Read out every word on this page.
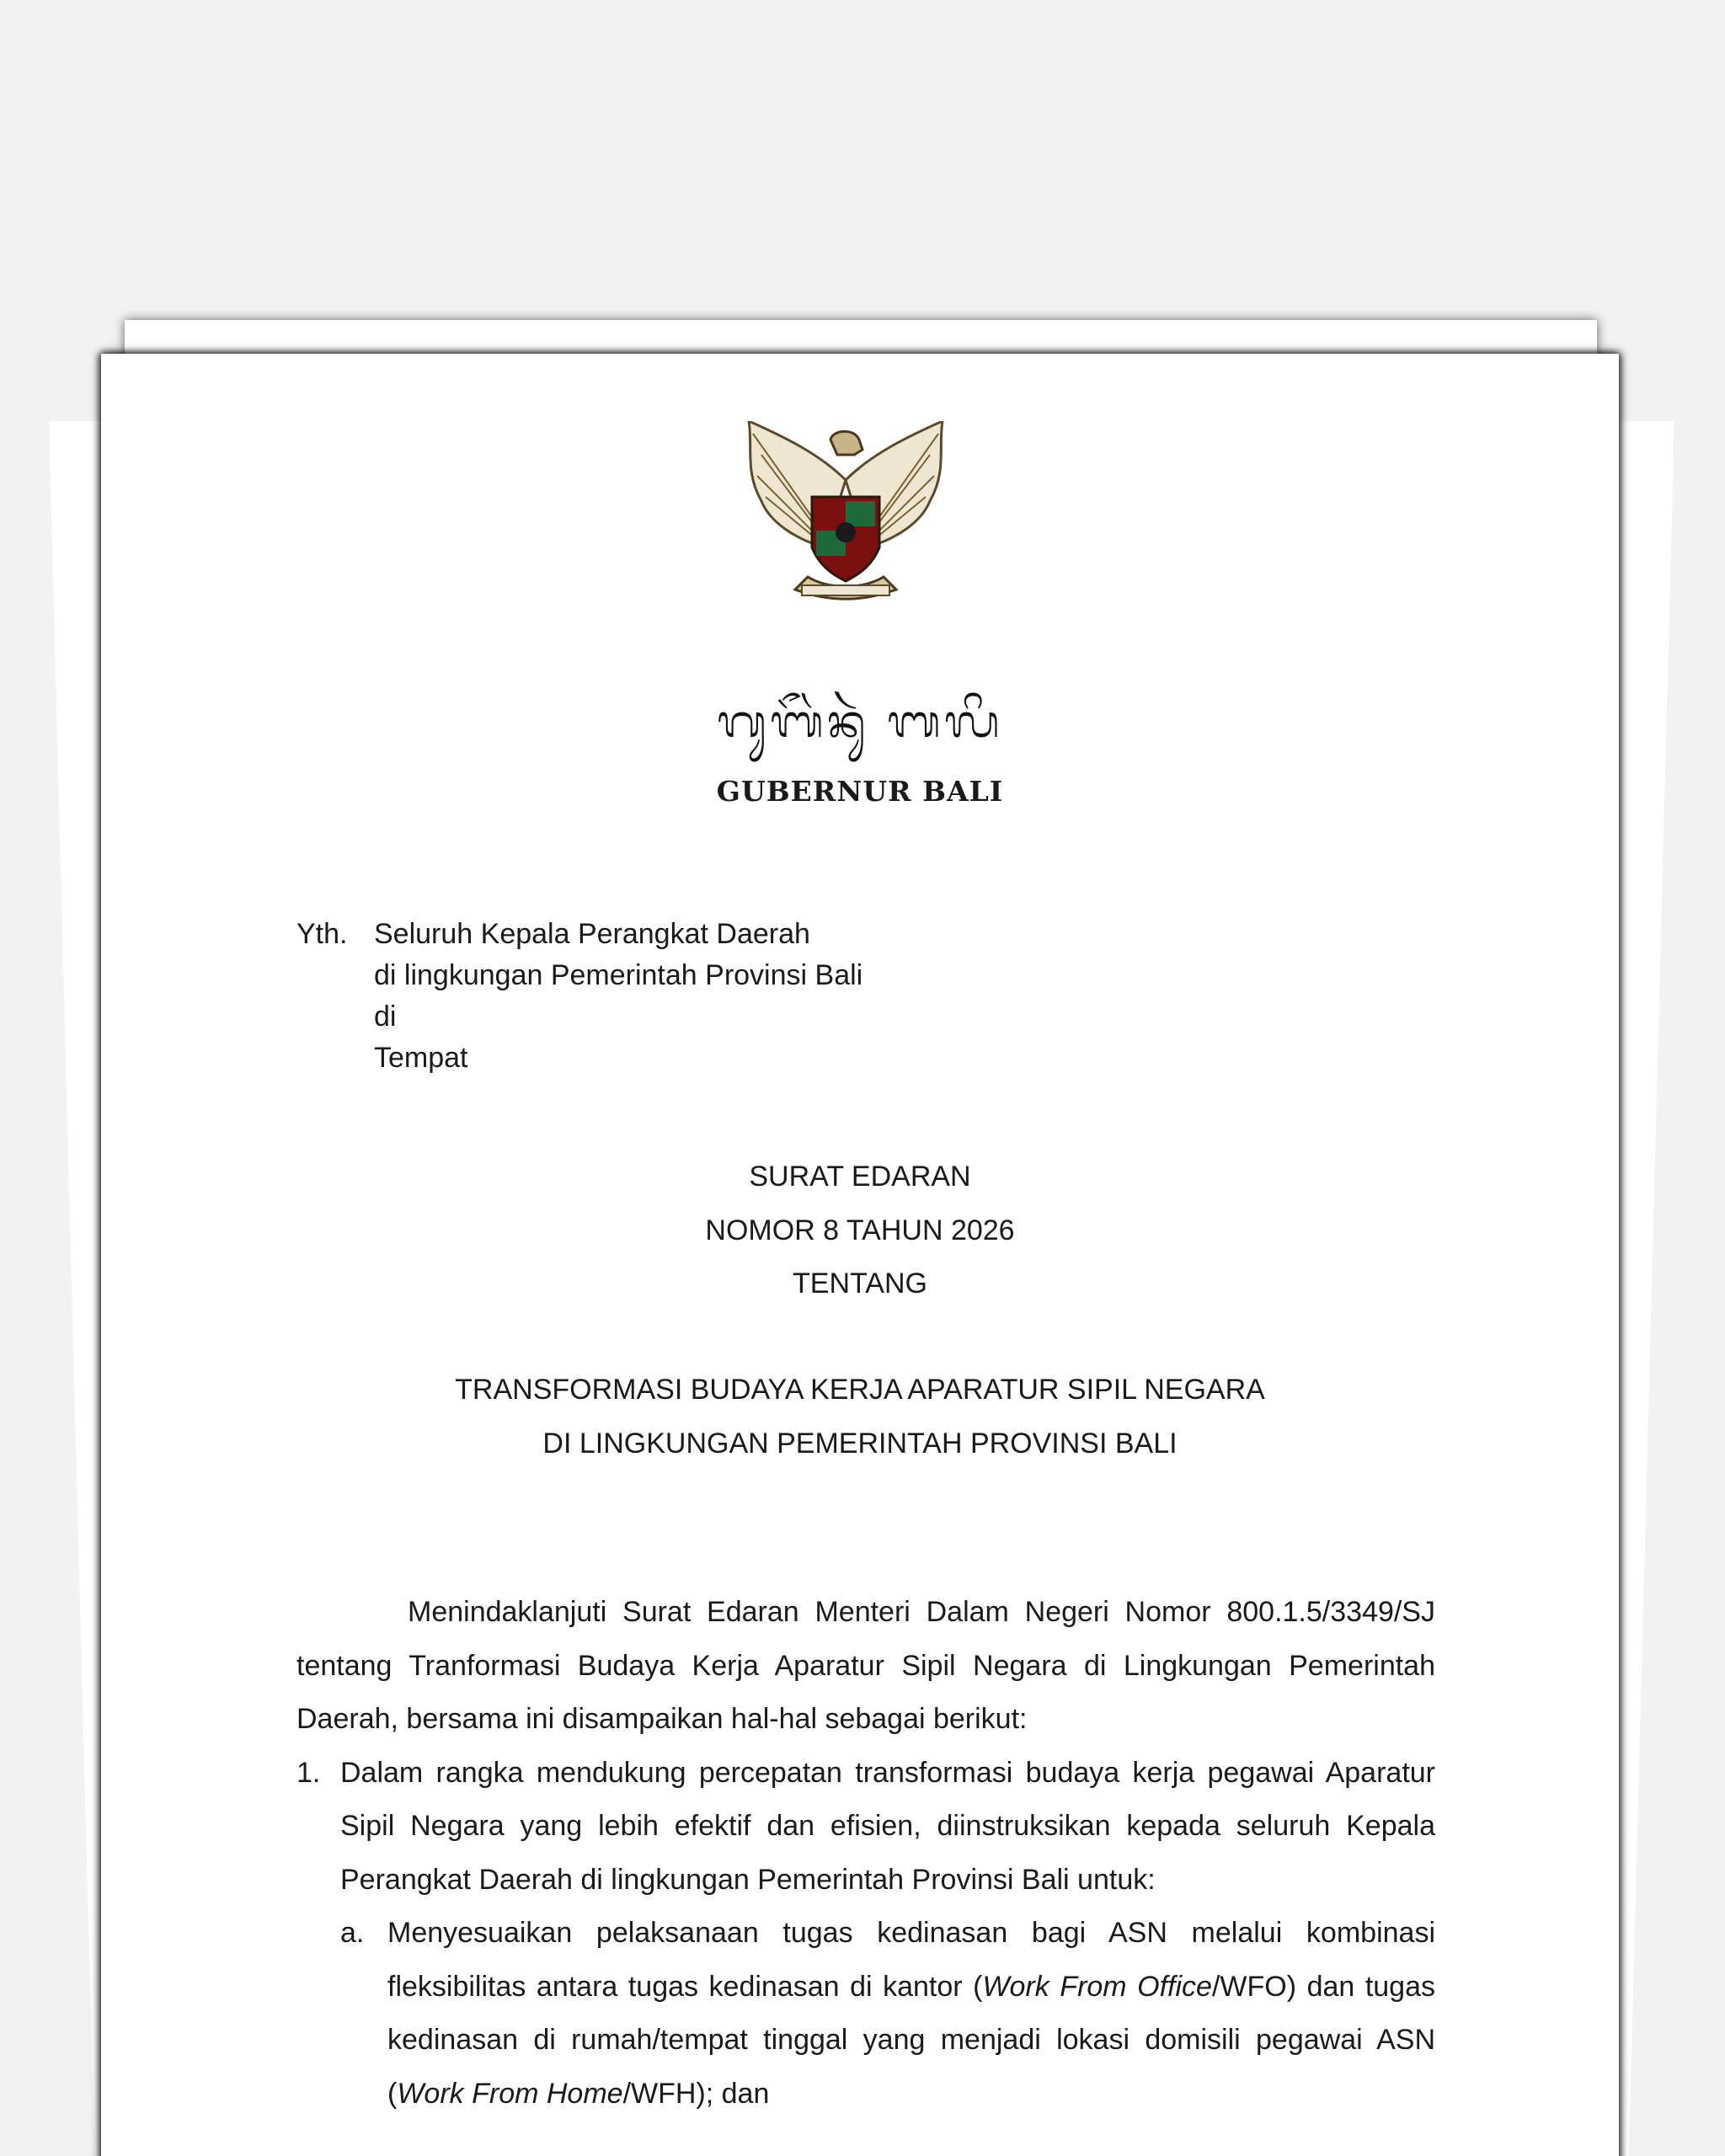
ᬕᬸᬩᭂᬃᬦᬸᬃ ᬩᬮᬶ
GUBERNUR BALI
Yth. Seluruh Kepala Perangkat Daerah
di lingkungan Pemerintah Provinsi Bali
di
Tempat
SURAT EDARAN
NOMOR 8 TAHUN 2026
TENTANG
TRANSFORMASI BUDAYA KERJA APARATUR SIPIL NEGARA
DI LINGKUNGAN PEMERINTAH PROVINSI BALI

Menindaklanjuti Surat Edaran Menteri Dalam Negeri Nomor 800.1.5/3349/SJ tentang Tranformasi Budaya Kerja Aparatur Sipil Negara di Lingkungan Pemerintah Daerah, bersama ini disampaikan hal-hal sebagai berikut:

1. Dalam rangka mendukung percepatan transformasi budaya kerja pegawai Aparatur Sipil Negara yang lebih efektif dan efisien, diinstruksikan kepada seluruh Kepala Perangkat Daerah di lingkungan Pemerintah Provinsi Bali untuk:
a. Menyesuaikan pelaksanaan tugas kedinasan bagi ASN melalui kombinasi fleksibilitas antara tugas kedinasan di kantor (Work From Office/WFO) dan tugas kedinasan di rumah/tempat tinggal yang menjadi lokasi domisili pegawai ASN (Work From Home/WFH); dan
